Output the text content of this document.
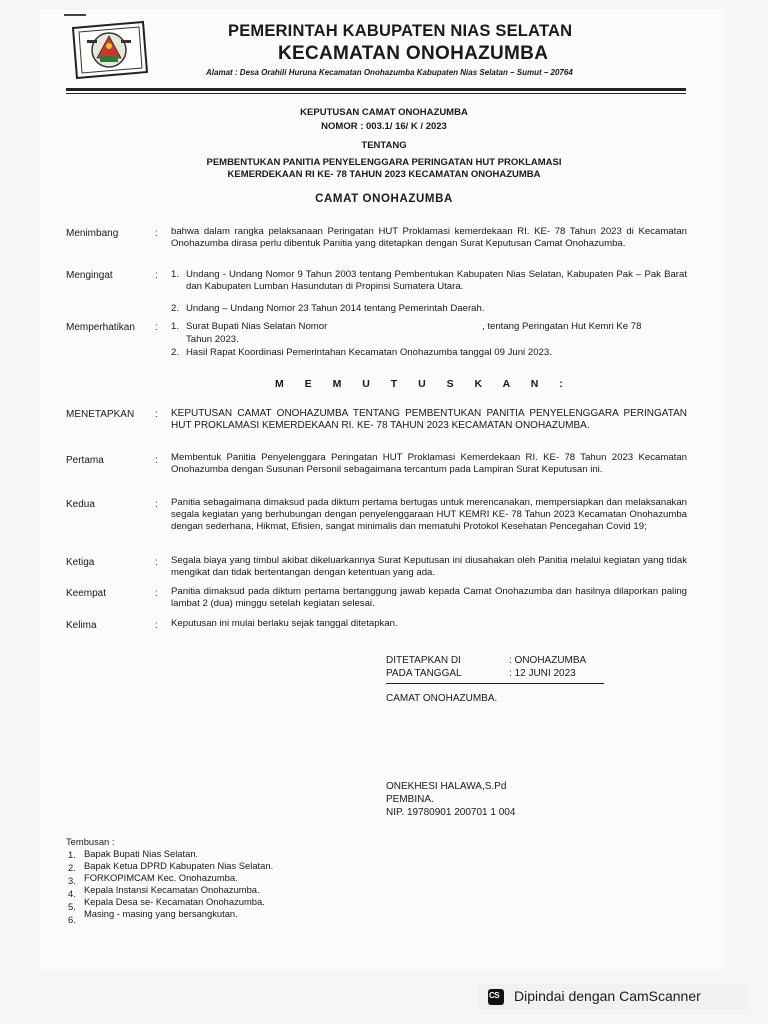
PEMERINTAH KABUPATEN NIAS SELATAN
KECAMATAN ONOHAZUMBA
Alamat : Desa Orahili Huruna Kecamatan Onohazumba Kabupaten Nias Selatan – Sumut – 20764
KEPUTUSAN CAMAT ONOHAZUMBA
NOMOR : 003.1/ 16/ K / 2023
TENTANG
PEMBENTUKAN PANITIA PENYELENGGARA PERINGATAN HUT PROKLAMASI
KEMERDEKAAN RI KE- 78 TAHUN 2023 KECAMATAN ONOHAZUMBA
CAMAT ONOHAZUMBA
Menimbang	: bahwa dalam rangka pelaksanaan Peringatan HUT Proklamasi kemerdekaan RI. KE- 78 Tahun 2023 di Kecamatan Onohazumba dirasa perlu dibentuk Panitia yang ditetapkan dengan Surat Keputusan Camat Onohazumba.
Mengingat	: 1. Undang - Undang Nomor 9 Tahun 2003 tentang Pembentukan Kabupaten Nias Selatan, Kabupaten Pak – Pak Barat dan Kabupaten Lumban Hasundutan di Propinsi Sumatera Utara.
2. Undang – Undang Nomor 23 Tahun 2014 tentang Pemerintah Daerah.
Memperhatikan : 1. Surat Bupati Nias Selatan Nomor	, tentang Peringatan Hut Kemri Ke 78
Tahun 2023.
2. Hasil Rapat Koordinasi Pemerintahan Kecamatan Onohazumba tanggal 09 Juni 2023.
M E M U T U S K A N :
MENETAPKAN : KEPUTUSAN CAMAT ONOHAZUMBA TENTANG PEMBENTUKAN PANITIA PENYELENGGARA PERINGATAN HUT PROKLAMASI KEMERDEKAAN RI. KE- 78 TAHUN 2023 KECAMATAN ONOHAZUMBA.
Pertama	: Membentuk Panitia Penyelenggara Peringatan HUT Proklamasi Kemerdekaan RI. KE- 78 Tahun 2023 Kecamatan Onohazumba dengan Susunan Personil sebagaimana tercantum pada Lampiran Surat Keputusan ini.
Kedua	: Panitia sebagaimana dimaksud pada diktum pertama bertugas untuk merencanakan, mempersiapkan dan melaksanakan segala kegiatan yang berhubungan dengan penyelenggaraan HUT KEMRI KE- 78 Tahun 2023 Kecamatan Onohazumba dengan sederhana, Hikmat, Efisien, sangat minimalis dan mematuhi Protokol Kesehatan Pencegahan Covid 19;
Ketiga	: Segala biaya yang timbul akibat dikeluarkannya Surat Keputusan ini diusahakan oleh Panitia melalui kegiatan yang tidak mengikat dan tidak bertentangan dengan ketentuan yang ada.
Keempat	: Panitia dimaksud pada diktum pertama bertanggung jawab kepada Camat Onohazumba dan hasilnya dilaporkan paling lambat 2 (dua) minggu setelah kegiatan selesai.
Kelima	: Keputusan ini mulai berlaku sejak tanggal ditetapkan.
DITETAPKAN DI	: ONOHAZUMBA
PADA TANGGAL	: 12 JUNI 2023
CAMAT ONOHAZUMBA.
ONEKHESI HALAWA,S.Pd
PEMBINA.
NIP. 19780901 200701 1 004
Tembusan :
1. Bapak Bupati Nias Selatan.
2. Bapak Ketua DPRD Kabupaten Nias Selatan.
3. FORKOPIMCAM Kec. Onohazumba.
4. Kepala Instansi Kecamatan Onohazumba.
5. Kepala Desa se- Kecamatan Onohazumba.
6.
Masing - masing yang bersangkutan.
CS Dipindai dengan CamScanner
